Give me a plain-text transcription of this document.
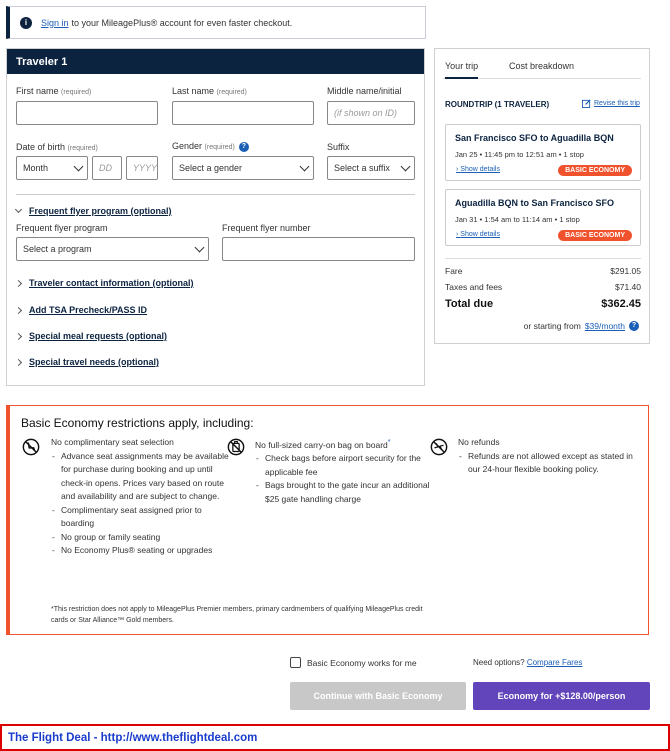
i	Sign in to your MileagePlus® account for even faster checkout.
Traveler 1
First name (required)	Last name (required)	Middle name/initial
(if shown on ID)
Date of birth (required)
Month	DD	YYYY
Gender (required) ?
Select a gender
Suffix
Select a suffix
Frequent flyer program (optional)
Frequent flyer program
Select a program
Frequent flyer number
Traveler contact information (optional)
Add TSA Precheck/PASS ID
Special meal requests (optional)
Special travel needs (optional)
Your trip	Cost breakdown
ROUNDTRIP (1 TRAVELER)	Revise this trip
San Francisco SFO to Aguadilla BQN
Jan 25 • 11:45 pm to 12:51 am • 1 stop
› Show details	BASIC ECONOMY
Aguadilla BQN to San Francisco SFO
Jan 31 • 1:54 am to 11:14 am • 1 stop
› Show details	BASIC ECONOMY
Fare	$291.05
Taxes and fees	$71.40
Total due	$362.45
or starting from $39/month ?
Basic Economy restrictions apply, including:
No complimentary seat selection
- Advance seat assignments may be available for purchase during booking and up until check-in opens. Prices vary based on route and availability and are subject to change.
- Complimentary seat assigned prior to boarding
- No group or family seating
- No Economy Plus® seating or upgrades
No full-sized carry-on bag on board*
- Check bags before airport security for the applicable fee
- Bags brought to the gate incur an additional $25 gate handling charge
No refunds
- Refunds are not allowed except as stated in our 24-hour flexible booking policy.
*This restriction does not apply to MileagePlus Premier members, primary cardmembers of qualifying MileagePlus credit cards or Star Alliance™ Gold members.
Basic Economy works for me	Need options? Compare Fares
Continue with Basic Economy	Economy for +$128.00/person
The Flight Deal - http://www.theflightdeal.com
